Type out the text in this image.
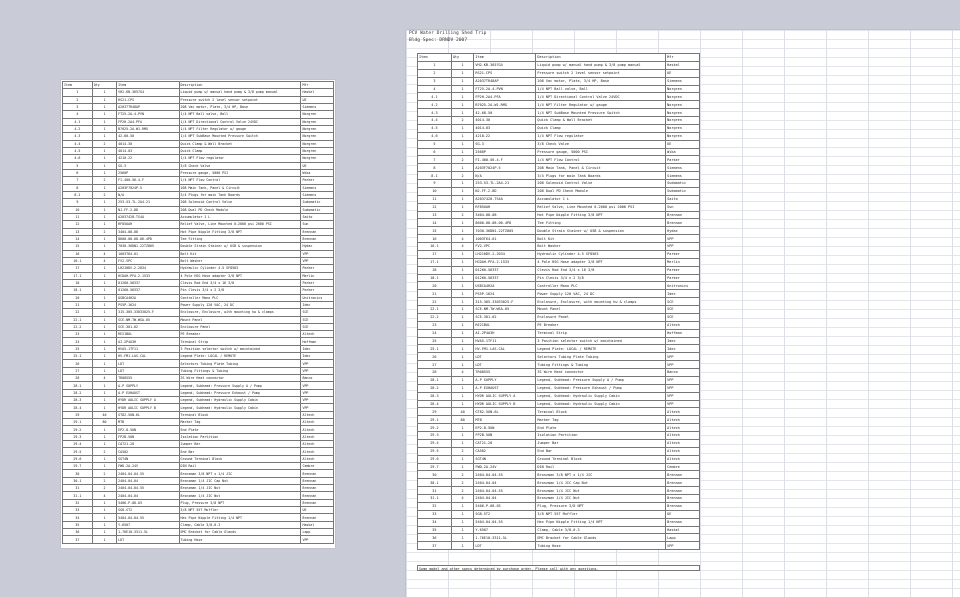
Item	Qty	Item	Description	Mfr
1	1	VH2-KB-3657G4	Liquid pump w/ manual hand pump & 3/8 pump manual	Haskel
2	1	RS21-CPS	Pressure switch 2 level sensor setpoint	UE
3	1	A2037TR48AP	208 Vac motor, Plate, 3/4 HP, Base	Siemens
4	1	FT25-2A-4-PVN	1/4 NPT Ball valve, Ball	Norgren
4.1	1	FP2H-2A4-PFA	1/4 NPT Directional Control Valve 24VDC	Norgren
4.2	1	B7025-2A-W1-RMG	1/4 NPT Filter Regulator w/ gauge	Norgren
4.3	1	42-60-50	1/4 NPT SubBase Mounted Pressure Switch	Norgren
4.4	2	4014-30	Quick Clamp & Wall Bracket	Norgren
4.5	1	4014-03	Quick Clamp	Norgren
4.6	1	4210-22	1/4 NPT Flow regulator	Norgren
5	1	SG-3	3/8 Check Valve	UE
6	1	2560P	Pressure gauge, 5000 PSI	Wika
7	2	FI-400-56-4-F	1/4 NPT Flow Control	Parker
8	1	A203F7024P-5	208 Main Tank, Panel & Circuit	Siemens
8.1	2	N/A	3/4 Plugs for main Tank Boards	Siemens
9	1	253-53-TL-2A4-21	208 Solenoid Control Valve	Sudomatic
10	1	NJ-FF-2-8D	208 Dual PD Check Module	Sudomatic
11	1	A2037428-TS4A	Accumulator 1 L	Saito
12	1	RF85UAH	Relief Valve, Line Mounted 0-2000 psi 2000 PSI	Sun
13	2	3404-08-08	Hot Pipe Nipple Fitting 3/8 NPT	Brennan
14	1	8600-08-08-06-4PD	Tee Fitting	Brennan
15	1	7030-36DN1-22TZ805	Double Strain Stainer w/ USB & suspension	Hydac
16	4	1003T64-01	Bolt Kit	VPP
16.1	4	FV2-VPC	Bolt Washer	VPP
17	1	LH210DV-2-2034	Hydraulic Cylinder 4.5 SF8563	Parker
17.1	1	HCDAH-PFA-2-1533	4 Pole HSG Hose adapter 3/8 NPT	Merlin
18	1	01260-56337	Clevis Rod End 3/4 x 16 3/8	Parker
18.1	1	01260-56337	Pin Clevis 3/4 x 2 3/8	Parker
20	1	USBCA4H2A	Controller Mono PLC	Unitronics
21	1	PS5P-1624	Power Supply 120 VAC, 24 DC	Idec
22	1	315-305-33033025-F	Enclosure, Enclosure, with mounting hw & clamps	SCE
22.1	1	SCE-NM-TW-WSA-05	Mount Panel	SCE
22.2	1	SCE-301-02	Enclosure Panel	SCE
23	1	RE21BUL	PE Breaker	Altech
24	1	AI-2P4A3H	Terminal Strip	Hoffman
25	1	HVA5-1TF11	3 Position selector switch w/ maintained	Idec
25.1	1	HV-FM1-LAS-CAL	Legend Plate: LOCAL / REMOTE	Idec
26	1	LDT	Selectors Tubing Plate Tubing	VPP
27	1	LDT	Tubing Fittings & Tubing	VPP
28	4	TR08555	3S Wire Heat connector	Banco
28.1	1	A-P SUPPLY	Legend, Subhead: Pressure Supply A / Pump	VPP
28.2	1	A-P EXHAUST	Legend, Subhead: Pressure Exhaust / Pump	VPP
28.3	1	HYDR AULIC SUPPLY A	Legend, Subhead: Hydraulic Supply Cabin	VPP
28.4	1	HYDR AULIC SUPPLY B	Legend, Subhead: Hydraulic Supply Cabin	VPP
29	40	GT82-5UN-6L	Terminal Block	Altech
29.1	80	MTB	Marker Tag	Altech
29.2	1	EP2-8-5UN	End Plate	Altech
29.3	1	FP2B-5UN	Isolation Partition	Altech
29.4	1	CAT21-20	Jumper Bar	Altech
29.5	2	CA502	End Bar	Altech
29.6	1	SGT4N	Ground Terminal Block	Altech
29.7	1	FWD-2A-24V	DIN Rail	Cembre
30	2	2404-04-04-55	Bronzman 3/8 NPT x 1/4 JIC	Brennan
30.1	2	2404-04-04	Bronzman 1/4 JIC Cap Nut	Brennan
31	2	2404-04-04-55	Bronzman 1/4 JIC Nut	Brennan
31.1	4	2404-04-04	Bronzman 1/4 JIC Nut	Brennan
32	1	5406-P-08-03	Plug, Pressure 3/8 NPT	Brennan
33	1	SG8-ST2	3/8 NPT 55T Muffler	UE
34	1	5404-04-04-55	Hex Pipe Nipple Fitting 1/4 NPT	Brennan
35	1	Y-6507	Clamp, Cable 3/8-0.3	Haskel
36	1	1-76E10-3311-5L	EMC Bracket for Cable Glands	Lapp
37	1	LDT	Tubing Hose	VPP
PCV Water Drilling Shed Trip
Bldg Spec: DRNDV 2007
Item	Qty	Item	Description	Mfr
1	1	VH2-KB-3657G4	Liquid pump w/ manual hand pump & 3/8 pump manual	Haskel
2	1	RS21-CPS	Pressure switch 2 level sensor setpoint	UE
3	1	A2037TR48AP	208 Vac motor, Plate, 3/4 HP, Base	Siemens
4	1	FT25-2A-4-PVN	1/4 NPT Ball valve, Ball	Norgren
4.1	1	FP2H-2A4-PFA	1/4 NPT Directional Control Valve 24VDC	Norgren
4.2	1	B7025-2A-W1-RMG	1/4 NPT Filter Regulator w/ gauge	Norgren
4.3	1	42-60-50	1/4 NPT SubBase Mounted Pressure Switch	Norgren
4.4	2	4014-30	Quick Clamp & Wall Bracket	Norgren
4.5	1	4014-03	Quick Clamp	Norgren
4.6	1	4210-22	1/4 NPT Flow regulator	Norgren
5	1	SG-3	3/8 Check Valve	UE
6	1	2560P	Pressure gauge, 5000 PSI	Wika
7	2	FI-400-56-4-F	1/4 NPT Flow Control	Parker
8	1	A203F7024P-5	208 Main Tank, Panel & Circuit	Siemens
8.1	2	N/A	3/4 Plugs for main Tank Boards	Siemens
9	1	253-53-TL-2A4-21	208 Solenoid Control Valve	Sudomatic
10	1	NJ-FF-2-8D	208 Dual PD Check Module	Sudomatic
11	1	A2037428-TS4A	Accumulator 1 L	Saito
12	1	RF85UAH	Relief Valve, Line Mounted 0-2000 psi 2000 PSI	Sun
13	2	3404-08-08	Hot Pipe Nipple Fitting 3/8 NPT	Brennan
14	1	8600-08-08-06-4PD	Tee Fitting	Brennan
15	1	7030-36DN1-22TZ805	Double Strain Stainer w/ USB & suspension	Hydac
16	4	1003T64-01	Bolt Kit	VPP
16.1	4	FV2-VPC	Bolt Washer	VPP
17	1	LH210DV-2-2034	Hydraulic Cylinder 4.5 SF8563	Parker
17.1	1	HCDAH-PFA-2-1533	4 Pole HSG Hose adapter 3/8 NPT	Merlin
18	1	01260-56337	Clevis Rod End 3/4 x 16 3/8	Parker
18.1	1	01260-56337	Pin Clevis 3/4 x 2 3/8	Parker
20	1	USBCA4H2A	Controller Mono PLC	Unitronics
21	1	PS5P-1624	Power Supply 120 VAC, 24 DC	Idec
22	1	315-305-33033025-F	Enclosure, Enclosure, with mounting hw & clamps	SCE
22.1	1	SCE-NM-TW-WSA-05	Mount Panel	SCE
22.2	1	SCE-301-02	Enclosure Panel	SCE
23	1	RE21BUL	PE Breaker	Altech
24	1	AI-2P4A3H	Terminal Strip	Hoffman
25	1	HVA5-1TF11	3 Position selector switch w/ maintained	Idec
25.1	1	HV-FM1-LAS-CAL	Legend Plate: LOCAL / REMOTE	Idec
26	1	LDT	Selectors Tubing Plate Tubing	VPP
27	1	LDT	Tubing Fittings & Tubing	VPP
28	4	TR08555	3S Wire Heat connector	Banco
28.1	1	A-P SUPPLY	Legend, Subhead: Pressure Supply A / Pump	VPP
28.2	1	A-P EXHAUST	Legend, Subhead: Pressure Exhaust / Pump	VPP
28.3	1	HYDR AULIC SUPPLY A	Legend, Subhead: Hydraulic Supply Cabin	VPP
28.4	1	HYDR AULIC SUPPLY B	Legend, Subhead: Hydraulic Supply Cabin	VPP
29	40	GT82-5UN-6L	Terminal Block	Altech
29.1	80	MTB	Marker Tag	Altech
29.2	1	EP2-8-5UN	End Plate	Altech
29.3	1	FP2B-5UN	Isolation Partition	Altech
29.4	1	CAT21-20	Jumper Bar	Altech
29.5	2	CA502	End Bar	Altech
29.6	1	SGT4N	Ground Terminal Block	Altech
29.7	1	FWD-2A-24V	DIN Rail	Cembre
30	2	2404-04-04-55	Bronzman 3/8 NPT x 1/4 JIC	Brennan
30.1	2	2404-04-04	Bronzman 1/4 JIC Cap Nut	Brennan
31	2	2404-04-04-55	Bronzman 1/4 JIC Nut	Brennan
31.1	4	2404-04-04	Bronzman 1/4 JIC Nut	Brennan
32	1	5406-P-08-03	Plug, Pressure 3/8 NPT	Brennan
33	1	SG8-ST2	3/8 NPT 55T Muffler	UE
34	1	5404-04-04-55	Hex Pipe Nipple Fitting 1/4 NPT	Brennan
35	1	Y-6507	Clamp, Cable 3/8-0.3	Haskel
36	1	1-76E10-3311-5L	EMC Bracket for Cable Glands	Lapp
37	1	LDT	Tubing Hose	VPP
Some model and other specs determined by purchase order. Please call with any questions.
